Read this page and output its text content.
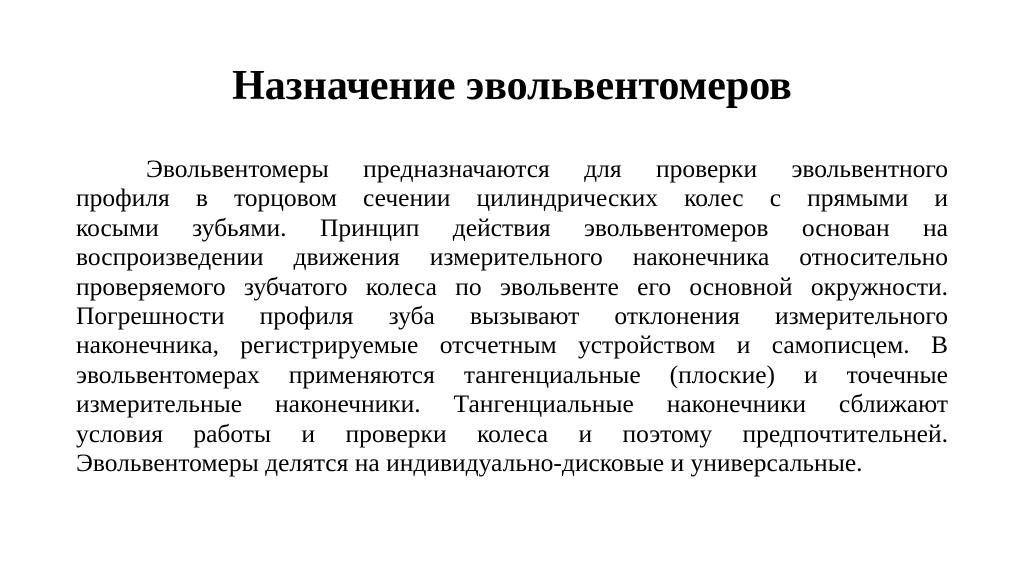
Назначение эвольвентомеров
Эвольвентомеры предназначаются для проверки эвольвентного
профиля в торцовом сечении цилиндрических колес с прямыми и
косыми зубьями. Принцип действия эвольвентомеров основан на
воспроизведении движения измерительного наконечника относительно
проверяемого зубчатого колеса по эвольвенте его основной окружности.
Погрешности профиля зуба вызывают отклонения измерительного
наконечника, регистрируемые отсчетным устройством и самописцем. В
эвольвентомерах применяются тангенциальные (плоские) и точечные
измерительные наконечники. Тангенциальные наконечники сближают
условия работы и проверки колеса и поэтому предпочтительней.
Эвольвентомеры делятся на индивидуально-дисковые и универсальные.
